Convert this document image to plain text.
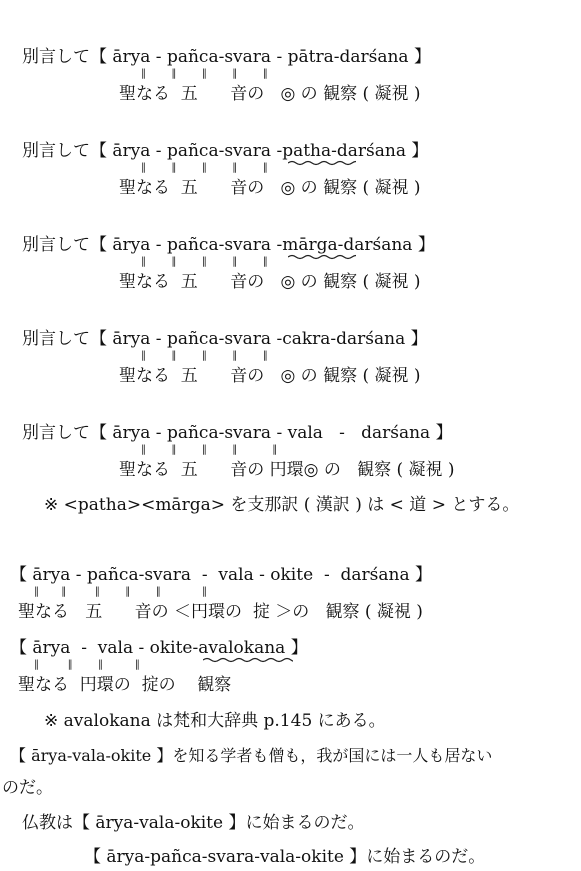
別言して【 ārya - pañca-svara - pātra-darśana 】
‖        ‖        ‖        ‖        ‖
聖なる  五      音の   ◎ の 観察 ( 凝視 )
別言して【 ārya - pañca-svara -patha-darśana 】
‖        ‖        ‖        ‖        ‖
聖なる  五      音の   ◎ の 観察 ( 凝視 )
別言して【 ārya - pañca-svara -mārga-darśana 】
‖        ‖        ‖        ‖        ‖
聖なる  五      音の   ◎ の 観察 ( 凝視 )
別言して【 ārya - pañca-svara -cakra-darśana 】
‖        ‖        ‖        ‖        ‖
聖なる  五      音の   ◎ の 観察 ( 凝視 )
別言して【 ārya - pañca-svara - vala   -   darśana 】
‖        ‖        ‖        ‖           ‖
聖なる  五      音の 円環◎ の   観察 ( 凝視 )
※ <patha><mārga> を支那訳 ( 漢訳 ) は < 道 > とする。
【 ārya - pañca-svara  -  vala - okite  -  darśana 】
‖       ‖         ‖        ‖        ‖             ‖
聖なる   五      音の ＜円環の  掟 ＞の   観察 ( 凝視 )
【 ārya  -  vala - okite-avalokana 】
‖         ‖        ‖          ‖
聖なる  円環の  掟の    観察
※ avalokana は梵和大辞典 p.145 にある。
【 ārya-vala-okite 】を知る学者も僧も，我が国には一人も居ない
のだ。
仏教は【 ārya-vala-okite 】に始まるのだ。
【 ārya-pañca-svara-vala-okite 】に始まるのだ。
